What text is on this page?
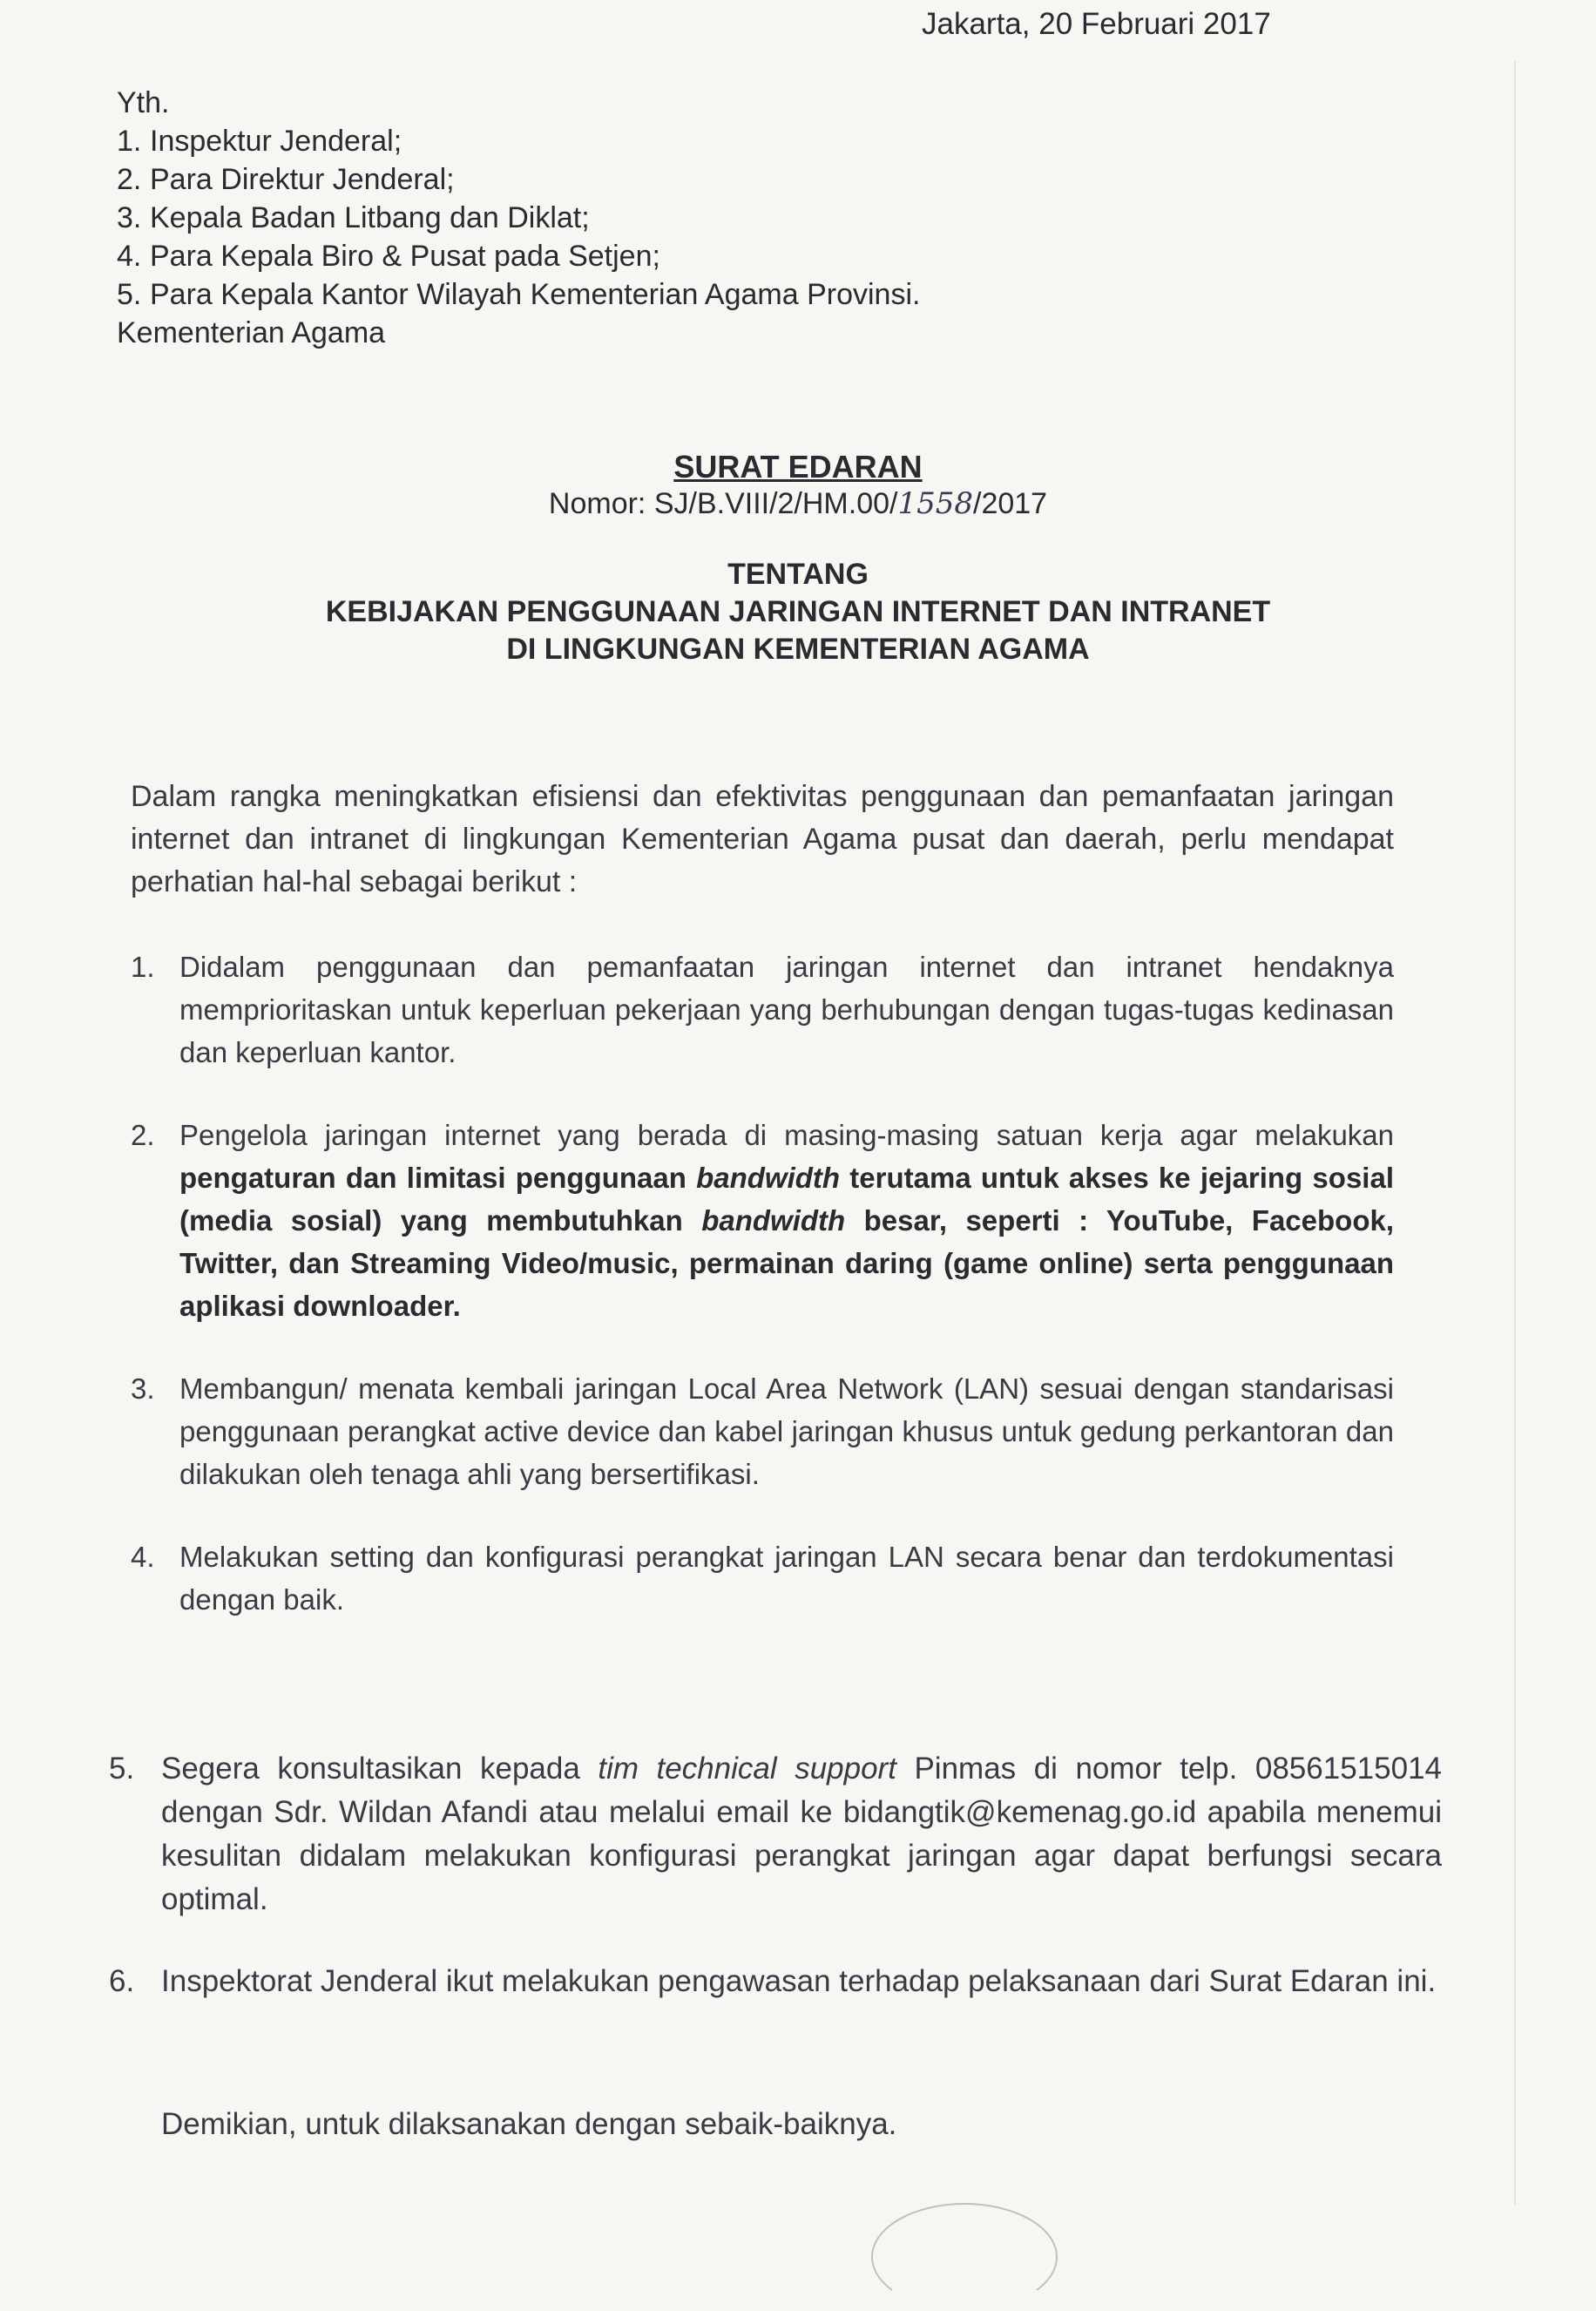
Jakarta, 20 Februari 2017
Yth.
1. Inspektur Jenderal;
2. Para Direktur Jenderal;
3. Kepala Badan Litbang dan Diklat;
4. Para Kepala Biro & Pusat pada Setjen;
5. Para Kepala Kantor Wilayah Kementerian Agama Provinsi.
Kementerian Agama
SURAT EDARAN
Nomor: SJ/B.VIII/2/HM.00/1558/2017
TENTANG
KEBIJAKAN PENGGUNAAN JARINGAN INTERNET DAN INTRANET
DI LINGKUNGAN KEMENTERIAN AGAMA
Dalam rangka meningkatkan efisiensi dan efektivitas penggunaan dan pemanfaatan jaringan internet dan intranet di lingkungan Kementerian Agama pusat dan daerah, perlu mendapat perhatian hal-hal sebagai berikut :
1. Didalam penggunaan dan pemanfaatan jaringan internet dan intranet hendaknya memprioritaskan untuk keperluan pekerjaan yang berhubungan dengan tugas-tugas kedinasan dan keperluan kantor.
2. Pengelola jaringan internet yang berada di masing-masing satuan kerja agar melakukan pengaturan dan limitasi penggunaan bandwidth terutama untuk akses ke jejaring sosial (media sosial) yang membutuhkan bandwidth besar, seperti : YouTube, Facebook, Twitter, dan Streaming Video/music, permainan daring (game online) serta penggunaan aplikasi downloader.
3. Membangun/ menata kembali jaringan Local Area Network (LAN) sesuai dengan standarisasi penggunaan perangkat active device dan kabel jaringan khusus untuk gedung perkantoran dan dilakukan oleh tenaga ahli yang bersertifikasi.
4. Melakukan setting dan konfigurasi perangkat jaringan LAN secara benar dan terdokumentasi dengan baik.
5. Segera konsultasikan kepada tim technical support Pinmas di nomor telp. 08561515014 dengan Sdr. Wildan Afandi atau melalui email ke bidangtik@kemenag.go.id apabila menemui kesulitan didalam melakukan konfigurasi perangkat jaringan agar dapat berfungsi secara optimal.
6. Inspektorat Jenderal ikut melakukan pengawasan terhadap pelaksanaan dari Surat Edaran ini.
Demikian, untuk dilaksanakan dengan sebaik-baiknya.
